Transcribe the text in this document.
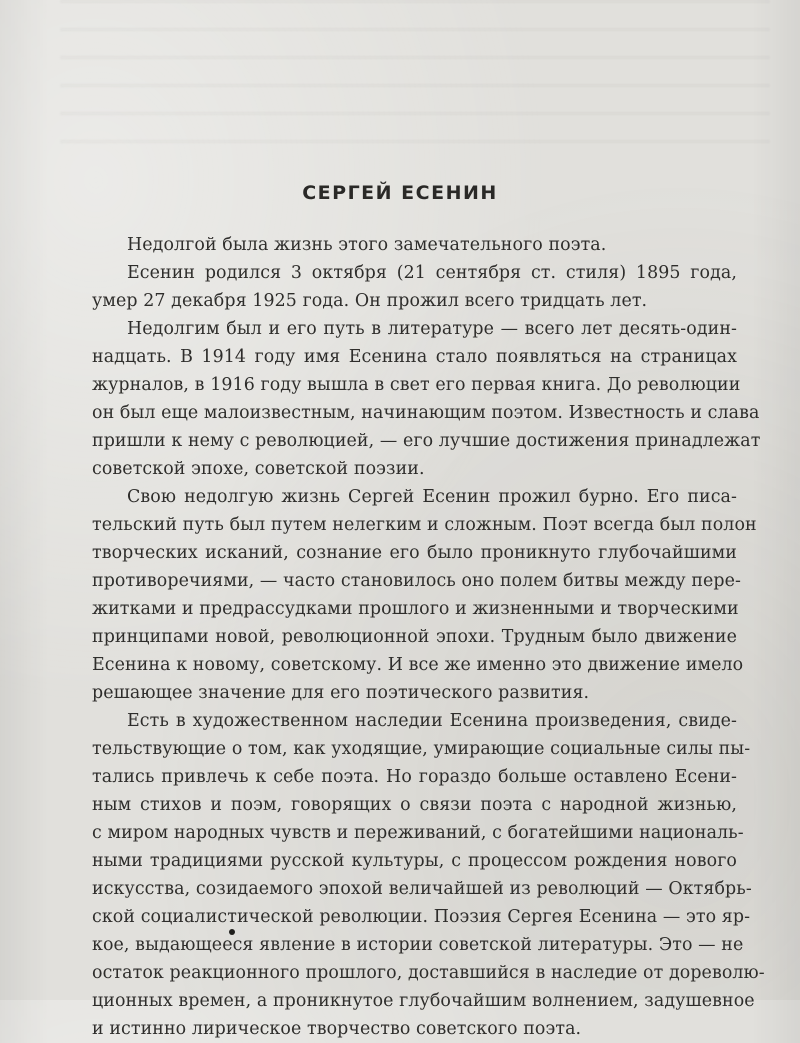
СЕРГЕЙ ЕСЕНИН
Недолгой была жизнь этого замечательного поэта.
Есенин родился 3 октября (21 сентября ст. стиля) 1895 года,
умер 27 декабря 1925 года. Он прожил всего тридцать лет.
Недолгим был и его путь в литературе — всего лет десять-один-
надцать. В 1914 году имя Есенина стало появляться на страницах
журналов, в 1916 году вышла в свет его первая книга. До революции
он был еще малоизвестным, начинающим поэтом. Известность и слава
пришли к нему с революцией, — его лучшие достижения принадлежат
советской эпохе, советской поэзии.
Свою недолгую жизнь Сергей Есенин прожил бурно. Его писа-
тельский путь был путем нелегким и сложным. Поэт всегда был полон
творческих исканий, сознание его было проникнуто глубочайшими
противоречиями, — часто становилось оно полем битвы между пере-
житками и предрассудками прошлого и жизненными и творческими
принципами новой, революционной эпохи. Трудным было движение
Есенина к новому, советскому. И все же именно это движение имело
решающее значение для его поэтического развития.
Есть в художественном наследии Есенина произведения, свиде-
тельствующие о том, как уходящие, умирающие социальные силы пы-
тались привлечь к себе поэта. Но гораздо больше оставлено Есени-
ным стихов и поэм, говорящих о связи поэта с народной жизнью,
с миром народных чувств и переживаний, с богатейшими националь-
ными традициями русской культуры, с процессом рождения нового
искусства, созидаемого эпохой величайшей из революций — Октябрь-
ской социалистической революции. Поэзия Сергея Есенина — это яр-
кое, выдающееся явление в истории советской литературы. Это — не
остаток реакционного прошлого, доставшийся в наследие от дореволю-
ционных времен, а проникнутое глубочайшим волнением, задушевное
и истинно лирическое творчество советского поэта.
